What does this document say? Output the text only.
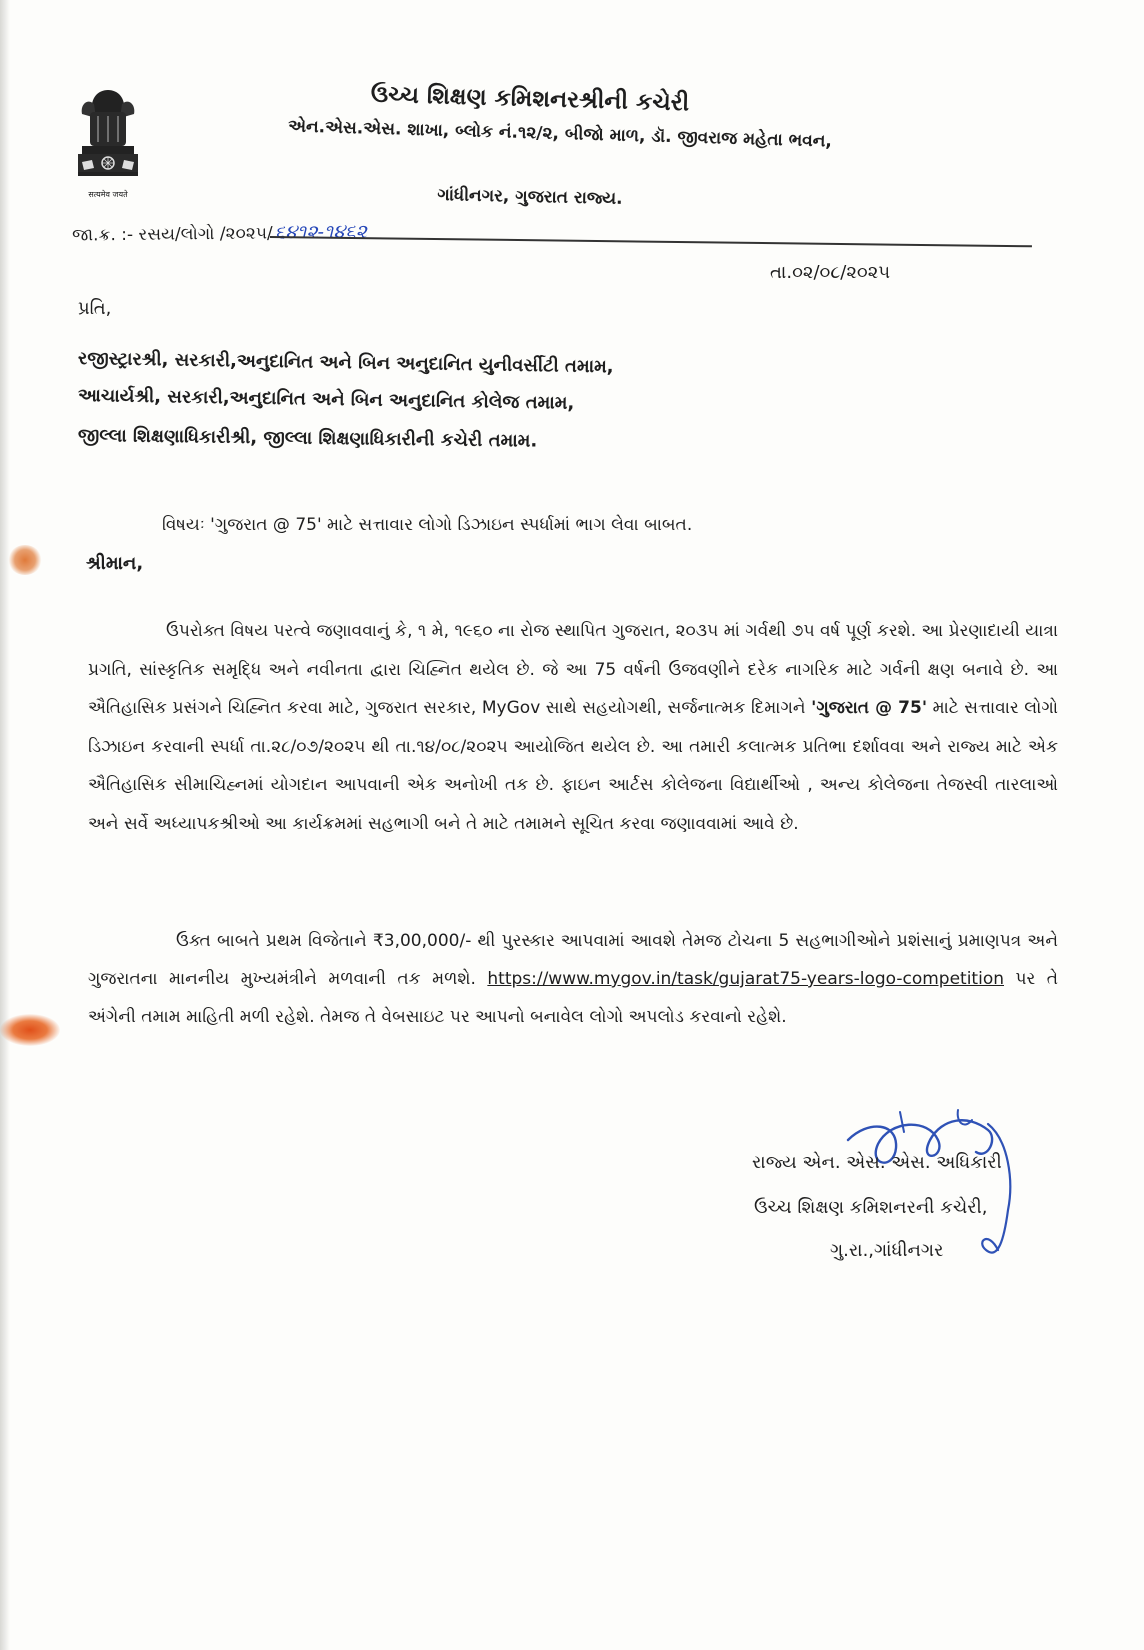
सत्यमेव जयते
ઉચ્ચ શિક્ષણ કમિશનરશ્રીની કચેરી
એન.એસ.એસ. શાખા, બ્લોક નં.૧૨/૨, બીજો માળ, ડૉ. જીવરાજ મહેતા ભવન,
ગાંધીનગર, ગુજરાત રાજ્ય.
જા.ક્ર. :- રસય/લોગો /૨૦૨૫/૬૪૧૨-૧૪૬૨
તા.૦૨/૦૮/૨૦૨૫
પ્રતિ,
રજીસ્ટ્રારશ્રી, સરકારી,અનુદાનિત અને બિન અનુદાનિત યુનીવર્સીટી તમામ,
આચાર્યશ્રી, સરકારી,અનુદાનિત અને બિન અનુદાનિત કોલેજ તમામ,
જીલ્લા શિક્ષણાધિકારીશ્રી, જીલ્લા શિક્ષણાધિકારીની કચેરી તમામ.
વિષયઃ 'ગુજરાત @ 75' માટે સત્તાવાર લોગો ડિઝાઇન સ્પર્ધામાં ભાગ લેવા બાબત.
શ્રીમાન,
ઉપરોક્ત વિષય પરત્વે જણાવવાનું કે, ૧ મે, ૧૯૬૦ ના રોજ સ્થાપિત ગુજરાત, ૨૦૩૫ માં ગર્વથી ૭૫ વર્ષ પૂર્ણ કરશે. આ પ્રેરણાદાયી યાત્રા પ્રગતિ, સાંસ્કૃતિક સમૃદ્ધિ અને નવીનતા દ્વારા ચિહ્નિત થયેલ છે. જે આ 75 વર્ષની ઉજવણીને દરેક નાગરિક માટે ગર્વની ક્ષણ બનાવે છે. આ ઐતિહાસિક પ્રસંગને ચિહ્નિત કરવા માટે, ગુજરાત સરકાર, MyGov સાથે સહયોગથી, સર્જનાત્મક દિમાગને 'ગુજરાત @ 75' માટે સત્તાવાર લોગો ડિઝાઇન કરવાની સ્પર્ધા તા.૨૮/૦૭/૨૦૨૫ થી તા.૧૪/૦૮/૨૦૨૫ આયોજિત થયેલ છે. આ તમારી કલાત્મક પ્રતિભા દર્શાવવા અને રાજ્ય માટે એક ઐતિહાસિક સીમાચિહ્નમાં યોગદાન આપવાની એક અનોખી તક છે. ફાઇન આર્ટસ કોલેજના વિદ્યાર્થીઓ , અન્ય કોલેજના તેજસ્વી તારલાઓ અને સર્વે અધ્યાપકશ્રીઓ આ કાર્યક્રમમાં સહભાગી બને તે માટે તમામને સૂચિત કરવા જણાવવામાં આવે છે.
ઉક્ત બાબતે પ્રથમ વિજેતાને ₹3,00,000/- થી પુરસ્કાર આપવામાં આવશે તેમજ ટોચના 5 સહભાગીઓને પ્રશંસાનું પ્રમાણપત્ર અને ગુજરાતના માનનીય મુખ્યમંત્રીને મળવાની તક મળશે. https://www.mygov.in/task/gujarat75-years-logo-competition પર તે અંગેની તમામ માહિતી મળી રહેશે. તેમજ તે વેબસાઇટ પર આપનો બનાવેલ લોગો અપલોડ કરવાનો રહેશે.
રાજ્ય એન. એસ. એસ. અધિકારી
ઉચ્ચ શિક્ષણ કમિશનરની કચેરી,
ગુ.રા.,ગાંધીનગર
